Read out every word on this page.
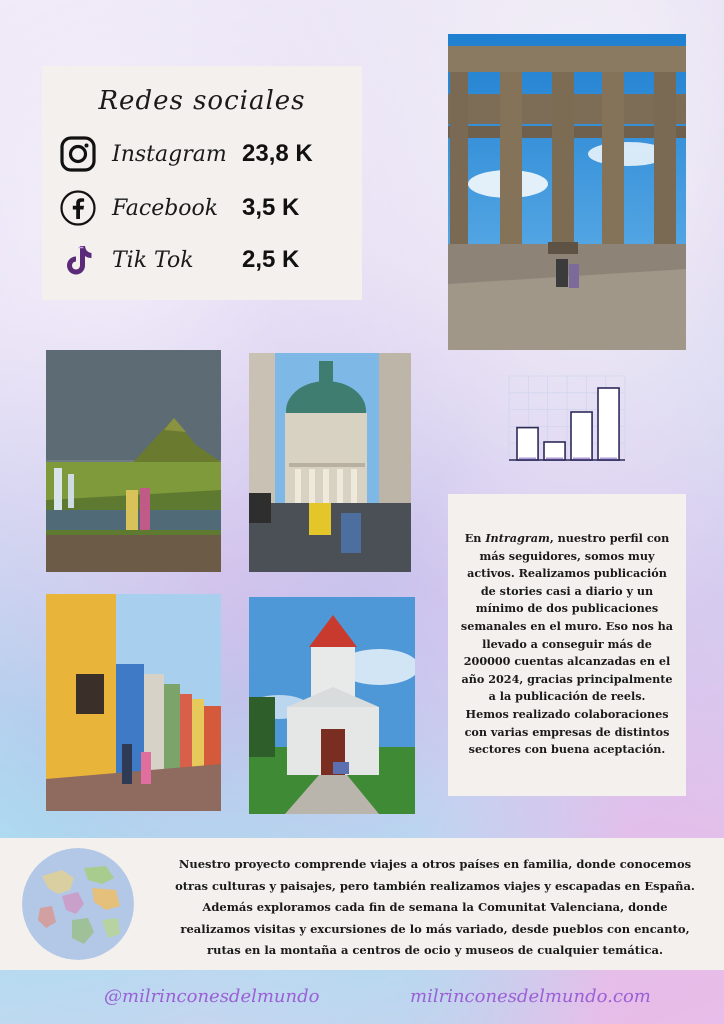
Redes sociales
Instagram 23,8 K
Facebook 3,5 K
Tik Tok	2,5 K

En Intragram, nuestro perfil con más seguidores, somos muy activos. Realizamos publicación de stories casi a diario y un mínimo de dos publicaciones semanales en el muro. Eso nos ha llevado a conseguir más de 200000 cuentas alcanzadas en el año 2024, gracias principalmente a la publicación de reels.
Hemos realizado colaboraciones con varias empresas de distintos sectores con buena aceptación.

Nuestro proyecto comprende viajes a otros países en familia, donde conocemos otras culturas y paisajes, pero también realizamos viajes y escapadas en España. Además exploramos cada fin de semana la Comunitat Valenciana, donde realizamos visitas y excursiones de lo más variado, desde pueblos con encanto, rutas en la montaña a centros de ocio y museos de cualquier temática.

@milrinconesdelmundo	milrinconesdelmundo.com
